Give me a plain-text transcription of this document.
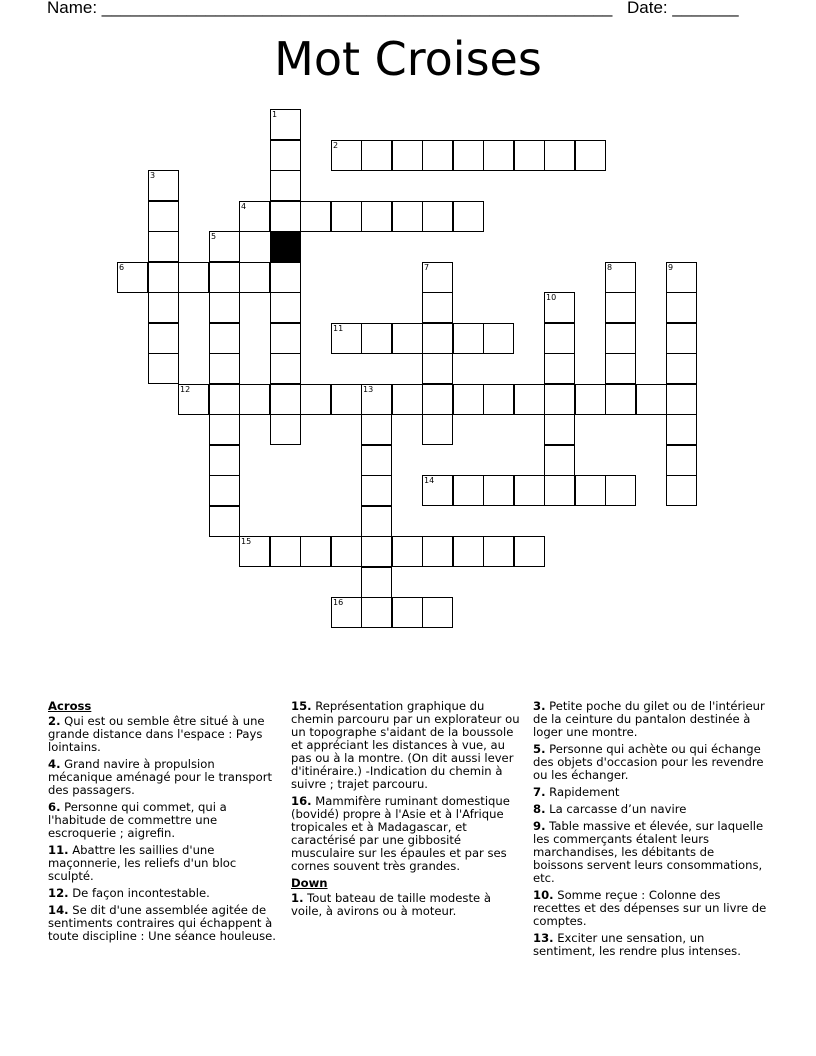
Name: ______________________________________________________ Date: _______
Mot Croises
2
4
6
11
12	13
14
15
16
1
3
5
7	8	9
10
Across
2. Qui est ou semble être situé à une grande distance dans l'espace : Pays lointains.
4. Grand navire à propulsion mécanique aménagé pour le transport des passagers.
6. Personne qui commet, qui a l'habitude de commettre une escroquerie ; aigrefin.
11. Abattre les saillies d'une maçonnerie, les reliefs d'un bloc sculpté.
12. De façon incontestable.
14. Se dit d'une assemblée agitée de sentiments contraires qui échappent à toute discipline : Une séance houleuse.
15. Représentation graphique du chemin parcouru par un explorateur ou un topographe s'aidant de la boussole et appréciant les distances à vue, au pas ou à la montre. (On dit aussi lever d'itinéraire.) -Indication du chemin à suivre ; trajet parcouru.
16. Mammifère ruminant domestique (bovidé) propre à l'Asie et à l'Afrique tropicales et à Madagascar, et caractérisé par une gibbosité musculaire sur les épaules et par ses cornes souvent très grandes.
Down
1. Tout bateau de taille modeste à voile, à avirons ou à moteur.
3. Petite poche du gilet ou de l'intérieur de la ceinture du pantalon destinée à loger une montre.
5. Personne qui achète ou qui échange des objets d'occasion pour les revendre ou les échanger.
7. Rapidement
8. La carcasse d’un navire
9. Table massive et élevée, sur laquelle les commerçants étalent leurs marchandises, les débitants de boissons servent leurs consommations, etc.
10. Somme reçue : Colonne des recettes et des dépenses sur un livre de comptes.
13. Exciter une sensation, un sentiment, les rendre plus intenses.
